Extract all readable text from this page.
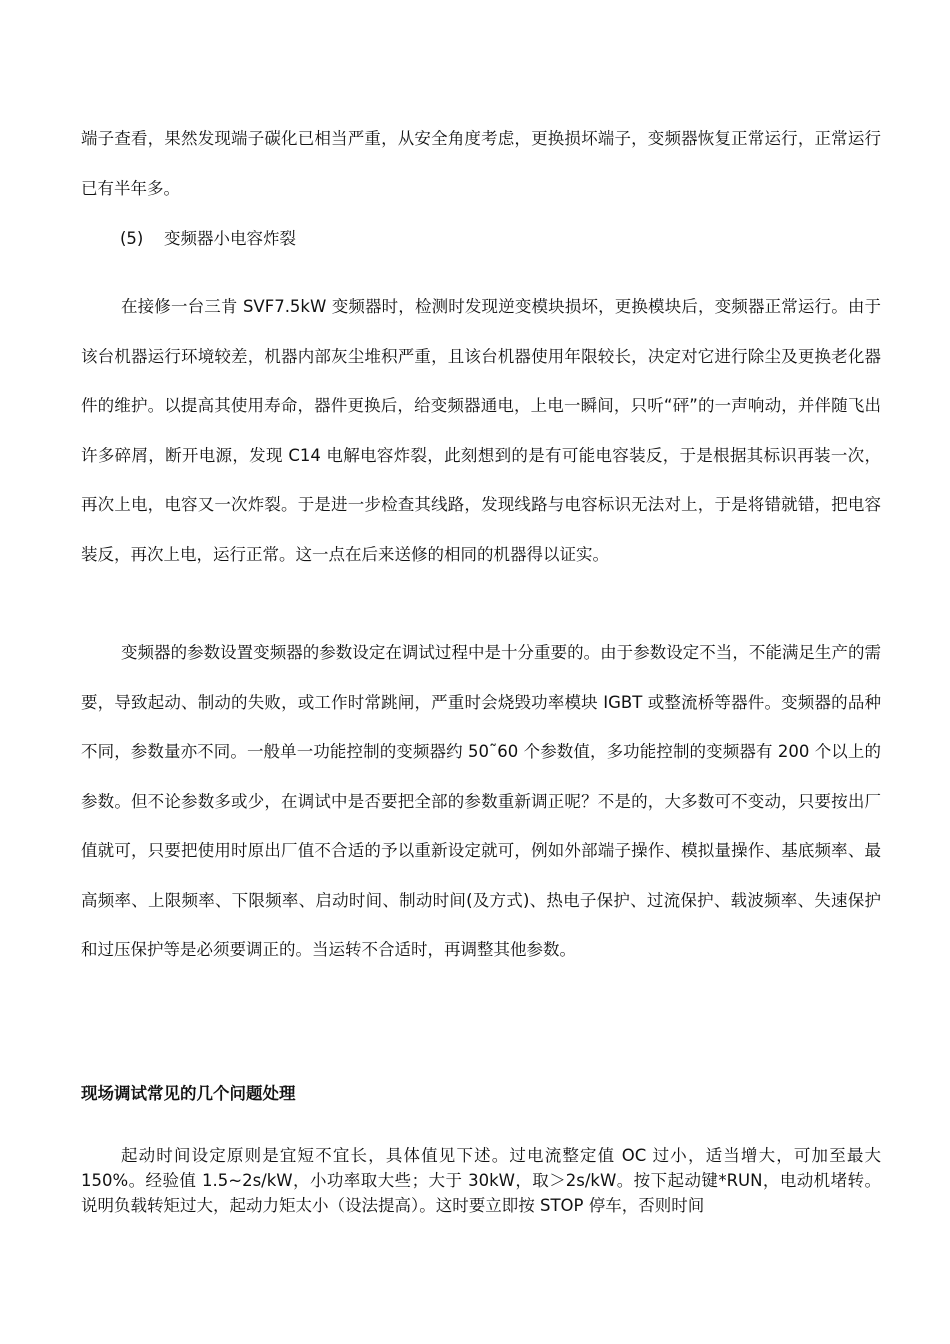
端子查看，果然发现端子碳化已相当严重，从安全角度考虑，更换损坏端子，变频器恢复正常运行，正常运行已有半年多。

(5) 变频器小电容炸裂

在接修一台三肯 SVF7.5kW 变频器时，检测时发现逆变模块损坏，更换模块后，变频器正常运行。由于该台机器运行环境较差，机器内部灰尘堆积严重，且该台机器使用年限较长，决定对它进行除尘及更换老化器件的维护。以提高其使用寿命，器件更换后，给变频器通电，上电一瞬间，只听“砰”的一声响动，并伴随飞出许多碎屑，断开电源，发现 C14 电解电容炸裂，此刻想到的是有可能电容装反，于是根据其标识再装一次，再次上电，电容又一次炸裂。于是进一步检查其线路，发现线路与电容标识无法对上，于是将错就错，把电容装反，再次上电，运行正常。这一点在后来送修的相同的机器得以证实。

变频器的参数设置变频器的参数设定在调试过程中是十分重要的。由于参数设定不当，不能满足生产的需要，导致起动、制动的失败，或工作时常跳闸，严重时会烧毁功率模块 IGBT 或整流桥等器件。变频器的品种不同，参数量亦不同。一般单一功能控制的变频器约 50˜60 个参数值，多功能控制的变频器有 200 个以上的参数。但不论参数多或少，在调试中是否要把全部的参数重新调正呢？不是的，大多数可不变动，只要按出厂值就可，只要把使用时原出厂值不合适的予以重新设定就可，例如外部端子操作、模拟量操作、基底频率、最高频率、上限频率、下限频率、启动时间、制动时间(及方式)、热电子保护、过流保护、载波频率、失速保护和过压保护等是必须要调正的。当运转不合适时，再调整其他参数。

现场调试常见的几个问题处理

起动时间设定原则是宜短不宜长，具体值见下述。过电流整定值 OC 过小，适当增大，可加至最大 150%。经验值 1.5~2s/kW，小功率取大些；大于 30kW，取＞2s/kW。按下起动键*RUN，电动机堵转。说明负载转矩过大，起动力矩太小（设法提高）。这时要立即按 STOP 停车，否则时间
